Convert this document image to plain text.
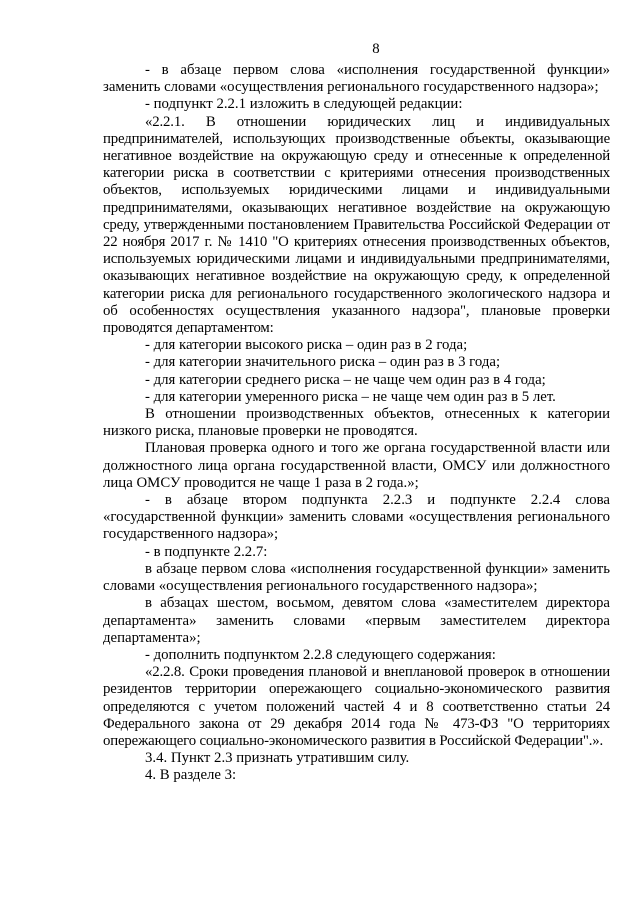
8

- в абзаце первом слова «исполнения государственной функции» заменить словами «осуществления регионального государственного надзора»;

- подпункт 2.2.1 изложить в следующей редакции:

«2.2.1. В отношении юридических лиц и индивидуальных предпринимателей, использующих производственные объекты, оказывающие негативное воздействие на окружающую среду и отнесенные к определенной категории риска в соответствии с критериями отнесения производственных объектов, используемых юридическими лицами и индивидуальными предпринимателями, оказывающих негативное воздействие на окружающую среду, утвержденными постановлением Правительства Российской Федерации от 22 ноября 2017 г. № 1410 "О критериях отнесения производственных объектов, используемых юридическими лицами и индивидуальными предпринимателями, оказывающих негативное воздействие на окружающую среду, к определенной категории риска для регионального государственного экологического надзора и об особенностях осуществления указанного надзора", плановые проверки проводятся департаментом:

- для категории высокого риска – один раз в 2 года;

- для категории значительного риска – один раз в 3 года;

- для категории среднего риска – не чаще чем один раз в 4 года;

- для категории умеренного риска – не чаще чем один раз в 5 лет.

В отношении производственных объектов, отнесенных к категории низкого риска, плановые проверки не проводятся.

Плановая проверка одного и того же органа государственной власти или должностного лица органа государственной власти, ОМСУ или должностного лица ОМСУ проводится не чаще 1 раза в 2 года.»;

- в абзаце втором подпункта 2.2.3 и подпункте 2.2.4 слова «государственной функции» заменить словами «осуществления регионального государственного надзора»;

- в подпункте 2.2.7:

в абзаце первом слова «исполнения государственной функции» заменить словами «осуществления регионального государственного надзора»;

в абзацах шестом, восьмом, девятом слова «заместителем директора департамента» заменить словами «первым заместителем директора департамента»;

- дополнить подпунктом 2.2.8 следующего содержания:

«2.2.8. Сроки проведения плановой и внеплановой проверок в отношении резидентов территории опережающего социально-экономического развития определяются с учетом положений частей 4 и 8 соответственно статьи 24 Федерального закона от 29 декабря 2014 года № 473-ФЗ "О территориях опережающего социально-экономического развития в Российской Федерации".».

3.4. Пункт 2.3 признать утратившим силу.

4. В разделе 3:
